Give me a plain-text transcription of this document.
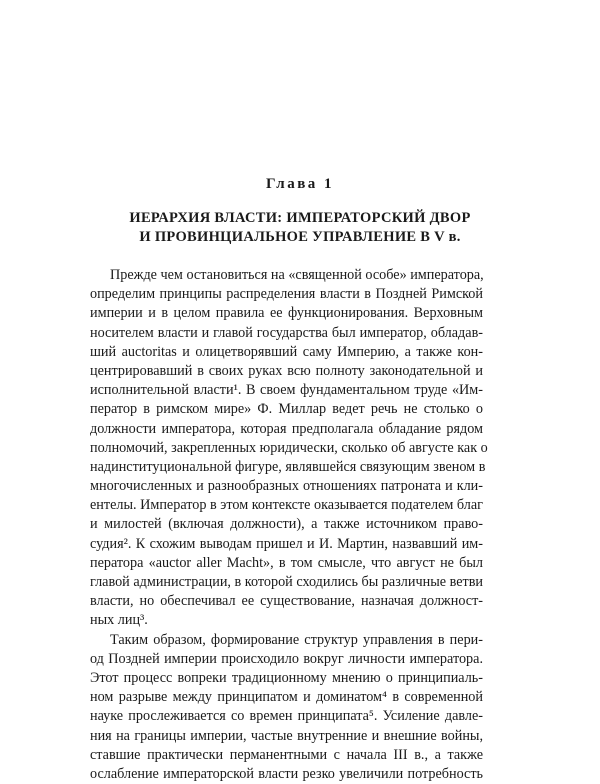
Глава 1
ИЕРАРХИЯ ВЛАСТИ: ИМПЕРАТОРСКИЙ ДВОР
И ПРОВИНЦИАЛЬНОЕ УПРАВЛЕНИЕ В V в.
Прежде чем остановиться на «священной особе» императора,
определим принципы распределения власти в Поздней Римской
империи и в целом правила ее функционирования. Верховным
носителем власти и главой государства был император, обладав-
ший auctoritas и олицетворявший саму Империю, а также кон-
центрировавший в своих руках всю полноту законодательной и
исполнительной власти¹. В своем фундаментальном труде «Им-
ператор в римском мире» Ф. Миллар ведет речь не столько о
должности императора, которая предполагала обладание рядом
полномочий, закрепленных юридически, сколько об августе как о
надинституциональной фигуре, являвшейся связующим звеном в
многочисленных и разнообразных отношениях патроната и кли-
ентелы. Император в этом контексте оказывается подателем благ
и милостей (включая должности), а также источником право-
судия². К схожим выводам пришел и И. Мартин, назвавший им-
ператора «auctor aller Macht», в том смысле, что август не был
главой администрации, в которой сходились бы различные ветви
власти, но обеспечивал ее существование, назначая должност-
ных лиц³.
Таким образом, формирование структур управления в пери-
од Поздней империи происходило вокруг личности императора.
Этот процесс вопреки традиционному мнению о принципиаль-
ном разрыве между принципатом и доминатом⁴ в современной
науке прослеживается со времен принципата⁵. Усиление давле-
ния на границы империи, частые внутренние и внешние войны,
ставшие практически перманентными с начала III в., а также
ослабление императорской власти резко увеличили потребность
